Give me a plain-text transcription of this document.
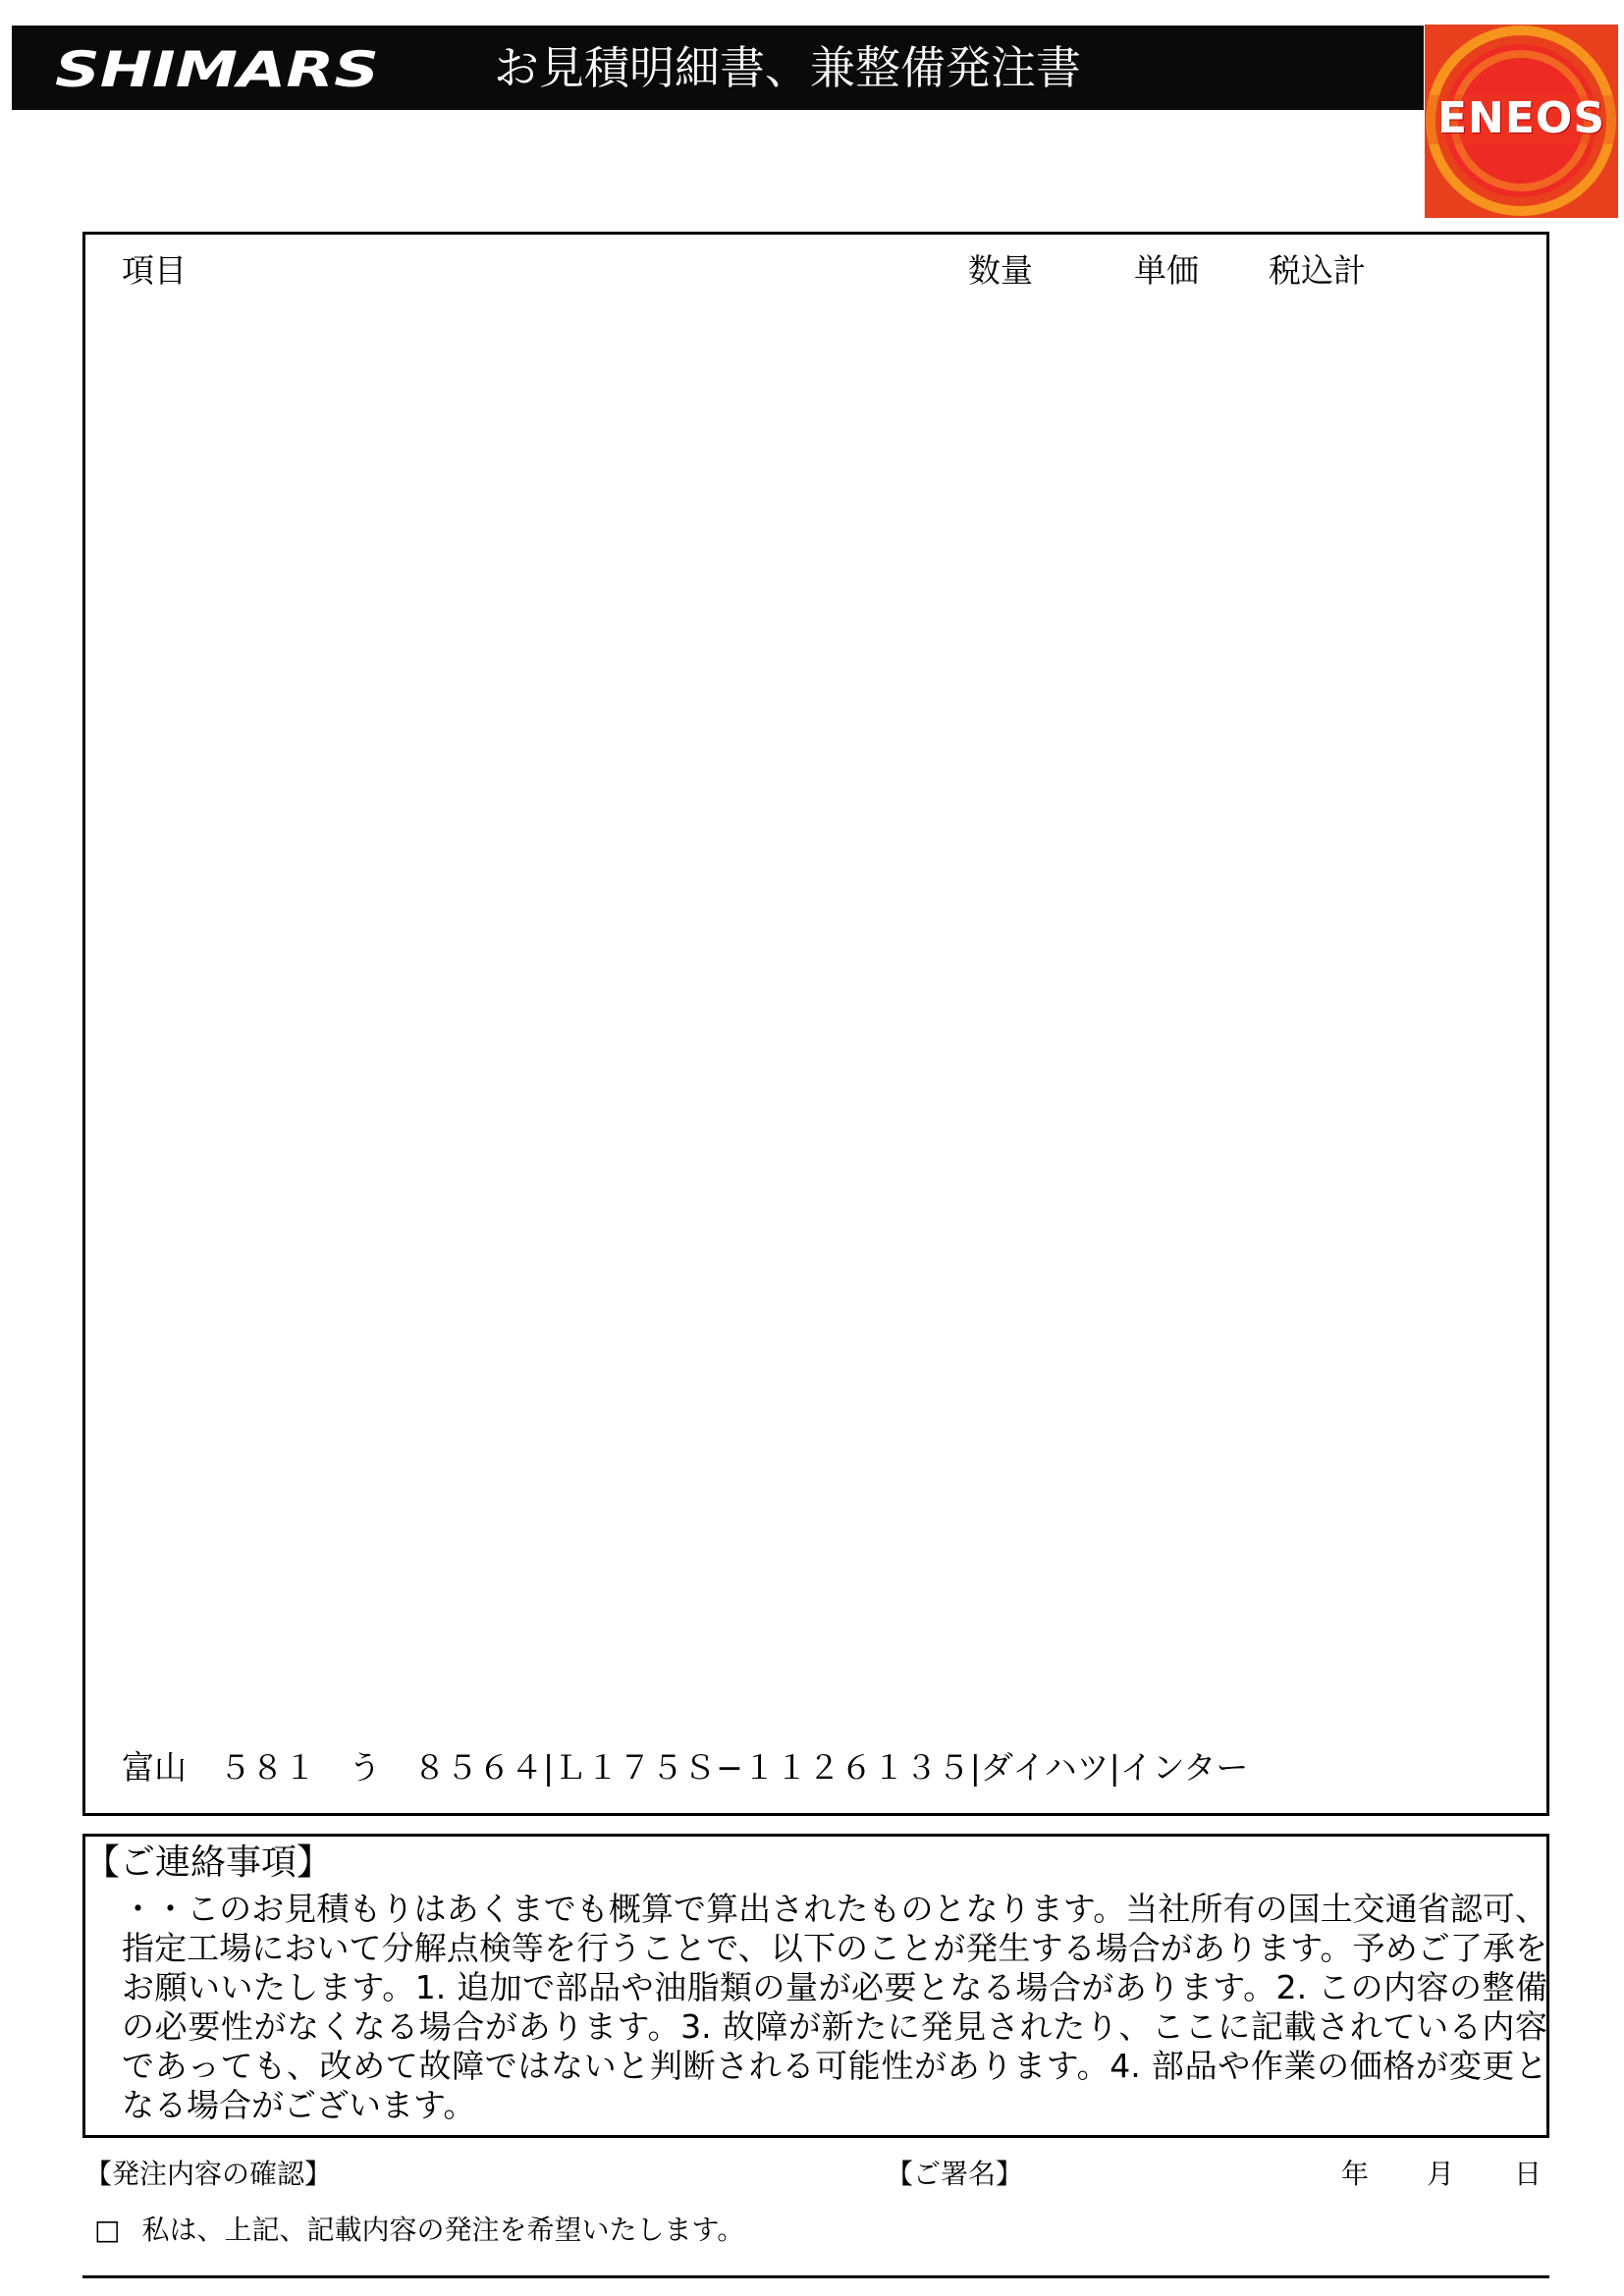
SHIMARS	お見積明細書、兼整備発注書
ENEOS
項目	数量	単価 税込計
富山　５８１　う　８５６４|Ｌ１７５Ｓ−１１２６１３５|ダイハツ|インター
【ご連絡事項】
・・このお見積もりはあくまでも概算で算出されたものとなります。当社所有の国土交通省認可、指定工場において分解点検等を行うことで、以下のことが発生する場合があります。予めご了承をお願いいたします。1. 追加で部品や油脂類の量が必要となる場合があります。2. この内容の整備の必要性がなくなる場合があります。3. 故障が新たに発見されたり、ここに記載されている内容であっても、改めて故障ではないと判断される可能性があります。4. 部品や作業の価格が変更となる場合がございます。
【発注内容の確認】	【ご署名】	年 月 日
□ 私は、上記、記載内容の発注を希望いたします。
